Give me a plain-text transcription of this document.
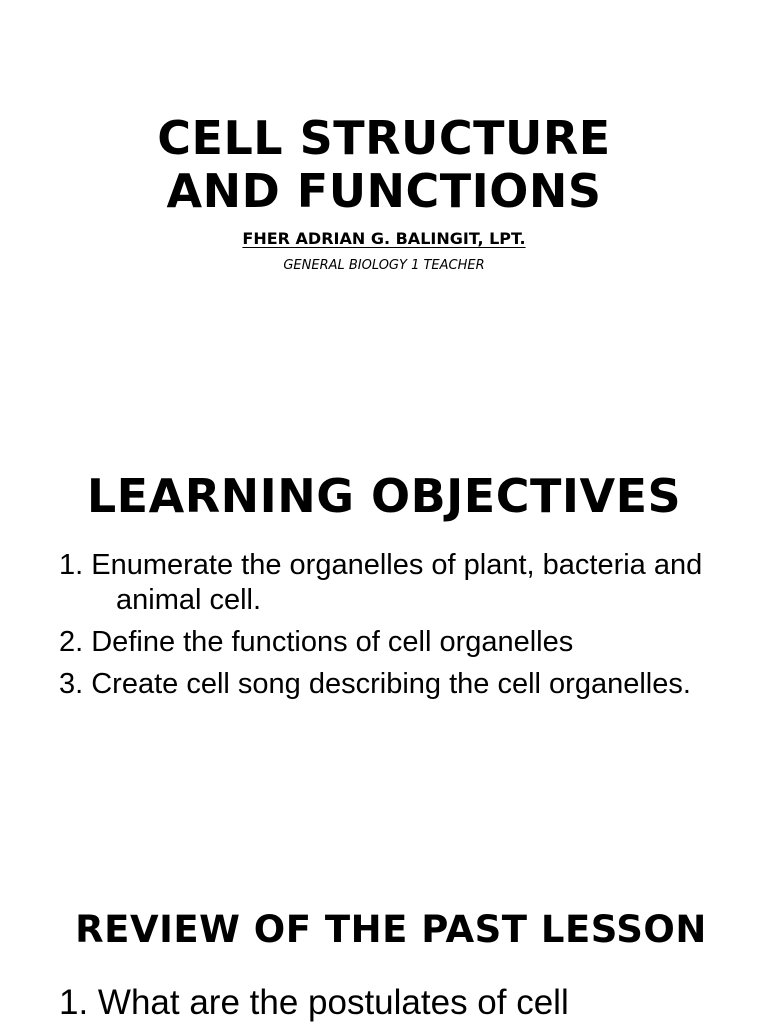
CELL STRUCTURE
AND FUNCTIONS
FHER ADRIAN G. BALINGIT, LPT.
GENERAL BIOLOGY 1 TEACHER
LEARNING OBJECTIVES
1. Enumerate the organelles of plant, bacteria and animal cell.
2. Define the functions of cell organelles
3. Create cell song describing the cell organelles.
REVIEW OF THE PAST LESSON
1. What are the postulates of cell
